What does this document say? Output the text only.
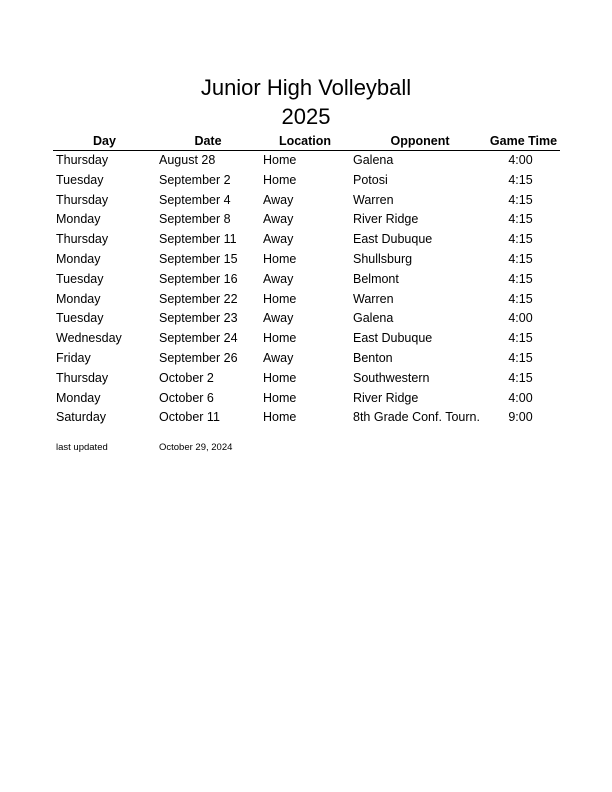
Junior High Volleyball
2025
Day	Date	Location	Opponent	Game Time
Thursday	August 28	Home	Galena	4:00
Tuesday	September 2	Home	Potosi	4:15
Thursday	September 4	Away	Warren	4:15
Monday	September 8	Away	River Ridge	4:15
Thursday	September 11 Away	East Dubuque	4:15
Monday	September 15 Home	Shullsburg	4:15
Tuesday	September 16 Away	Belmont	4:15
Monday	September 22 Home	Warren	4:15
Tuesday	September 23 Away	Galena	4:00
Wednesday	September 24 Home	East Dubuque	4:15
Friday	September 26 Away	Benton	4:15
Thursday	October 2	Home	Southwestern	4:15
Monday	October 6	Home	River Ridge	4:00
Saturday	October 11	Home	8th Grade Conf. Tourn.	9:00
last updated	October 29, 2024
